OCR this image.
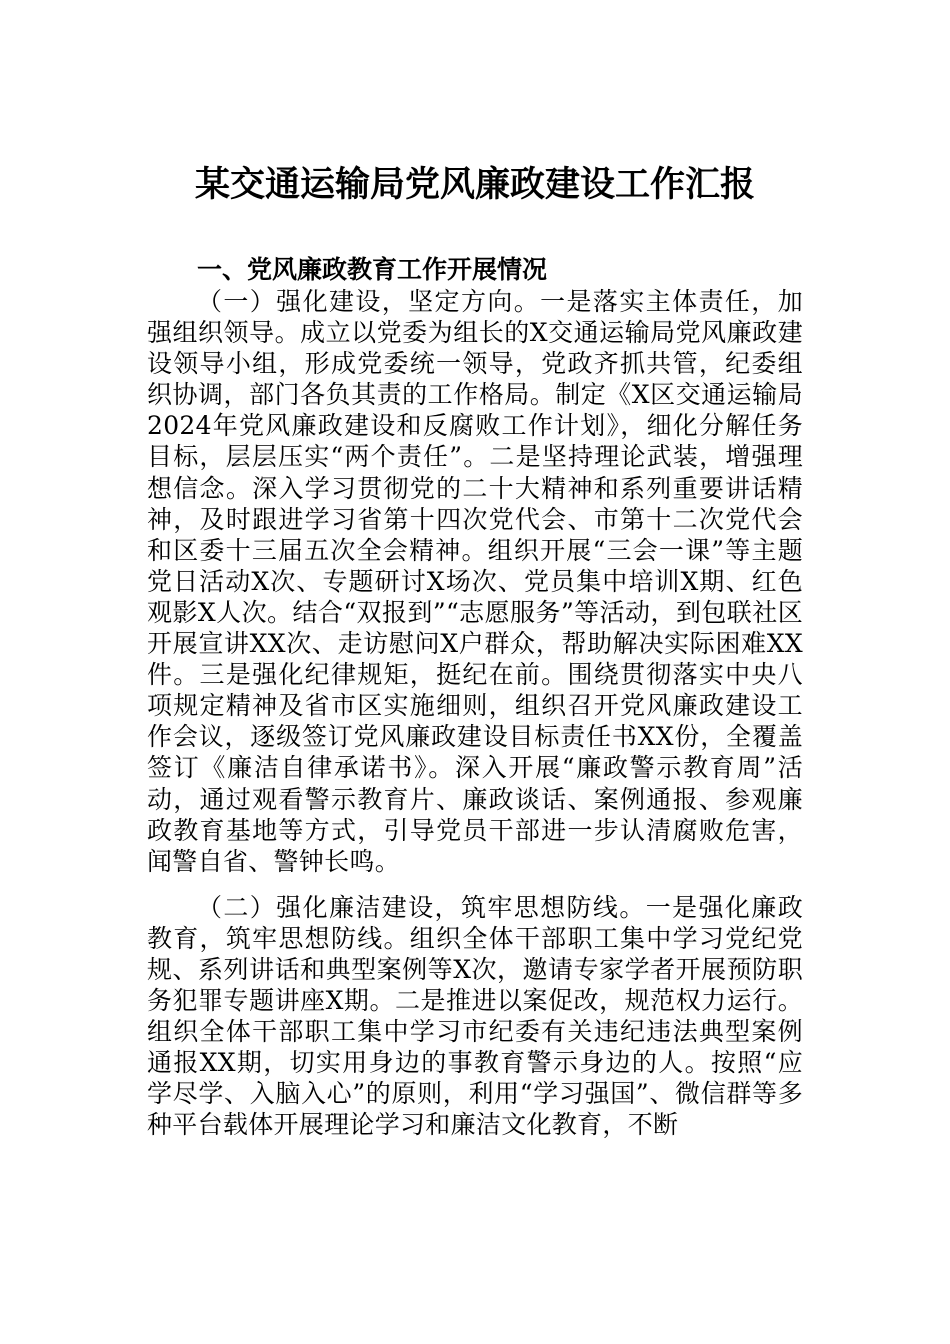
某交通运输局党风廉政建设工作汇报
一、党风廉政教育工作开展情况

（一）强化建设，坚定方向。一是落实主体责任，加强组织领导。成立以党委为组长的X交通运输局党风廉政建设领导小组，形成党委统一领导，党政齐抓共管，纪委组织协调，部门各负其责的工作格局。制定《X区交通运输局2024年党风廉政建设和反腐败工作计划》，细化分解任务目标，层层压实“两个责任”。二是坚持理论武装，增强理想信念。深入学习贯彻党的二十大精神和系列重要讲话精神，及时跟进学习省第十四次党代会、市第十二次党代会和区委十三届五次全会精神。组织开展“三会一课”等主题党日活动X次、专题研讨X场次、党员集中培训X期、红色观影X人次。结合“双报到”“志愿服务”等活动，到包联社区开展宣讲XX次、走访慰问X户群众，帮助解决实际困难XX件。三是强化纪律规矩，挺纪在前。围绕贯彻落实中央八项规定精神及省市区实施细则，组织召开党风廉政建设工作会议，逐级签订党风廉政建设目标责任书XX份，全覆盖签订《廉洁自律承诺书》。深入开展“廉政警示教育周”活动，通过观看警示教育片、廉政谈话、案例通报、参观廉政教育基地等方式，引导党员干部进一步认清腐败危害，闻警自省、警钟长鸣。

（二）强化廉洁建设，筑牢思想防线。一是强化廉政教育，筑牢思想防线。组织全体干部职工集中学习党纪党规、系列讲话和典型案例等X次，邀请专家学者开展预防职务犯罪专题讲座X期。二是推进以案促改，规范权力运行。组织全体干部职工集中学习市纪委有关违纪违法典型案例通报XX期，切实用身边的事教育警示身边的人。按照“应学尽学、入脑入心”的原则，利用“学习强国”、微信群等多种平台载体开展理论学习和廉洁文化教育，不断
